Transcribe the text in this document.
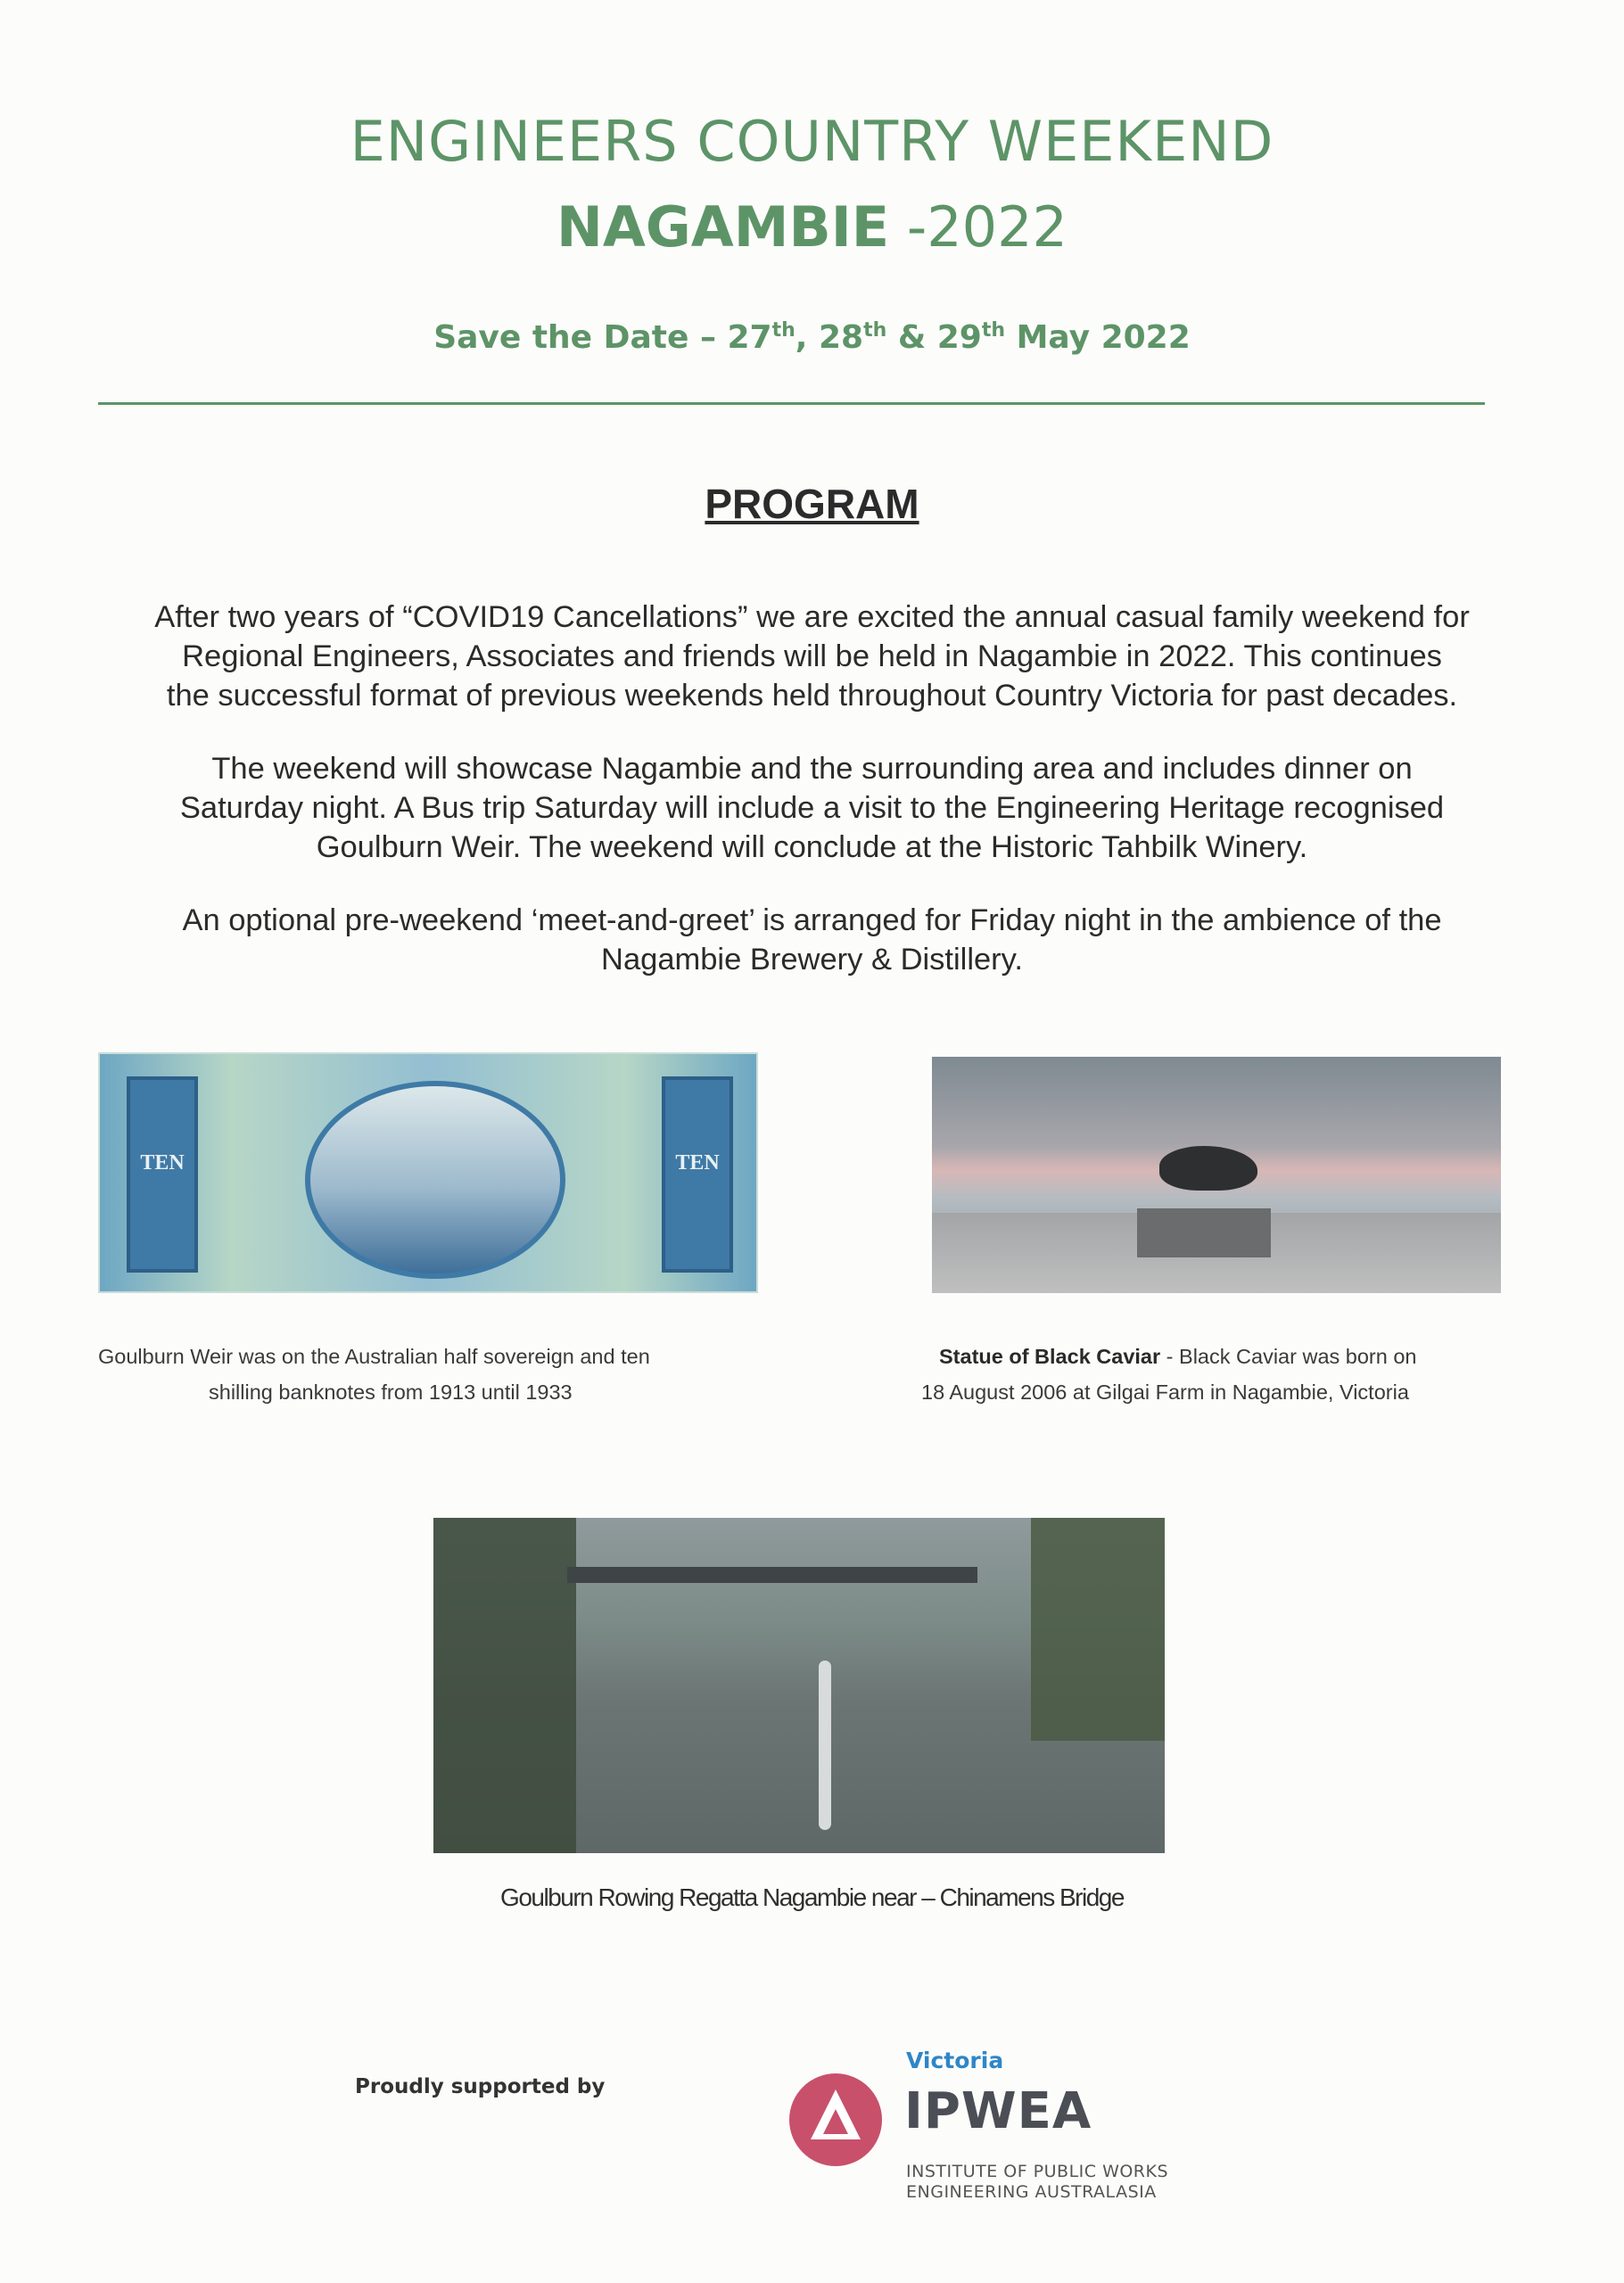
ENGINEERS COUNTRY WEEKEND
NAGAMBIE -2022
Save the Date – 27th, 28th & 29th May 2022
PROGRAM
After two years of “COVID19 Cancellations” we are excited the annual casual family weekend for
Regional Engineers, Associates and friends will be held in Nagambie in 2022. This continues
the successful format of previous weekends held throughout Country Victoria for past decades.
The weekend will showcase Nagambie and the surrounding area and includes dinner on
Saturday night. A Bus trip Saturday will include a visit to the Engineering Heritage recognised
Goulburn Weir. The weekend will conclude at the Historic Tahbilk Winery.
An optional pre-weekend ‘meet-and-greet’ is arranged for Friday night in the ambience of the
Nagambie Brewery & Distillery.
TEN	TEN
Goulburn Weir was on the Australian half sovereign and ten
shilling banknotes from 1913 until 1933
Statue of Black Caviar - Black Caviar was born on
18 August 2006 at Gilgai Farm in Nagambie, Victoria
Goulburn Rowing Regatta Nagambie near – Chinamens Bridge
Proudly supported by
Victoria
IPWEA
INSTITUTE OF PUBLIC WORKS
ENGINEERING AUSTRALASIA
